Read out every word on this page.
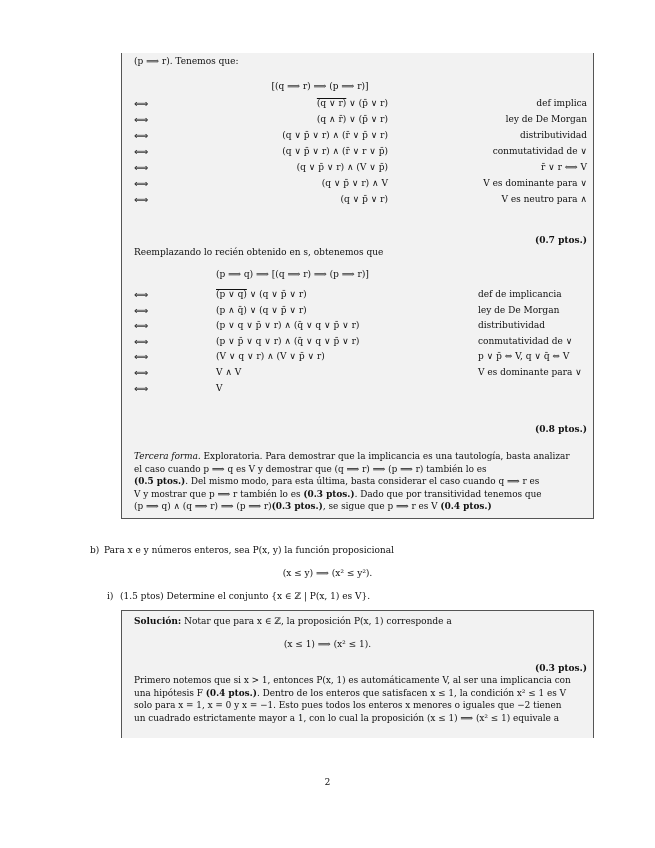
(p ⟹ r). Tenemos que:
[(q ⟹ r) ⟹ (p ⟹ r)]
⟺	(q ∨ r) ∨ (p̄ ∨ r)	def implica
⟺	(q ∧ r̄) ∨ (p̄ ∨ r)	ley de De Morgan
⟺	(q ∨ p̄ ∨ r) ∧ (r̄ ∨ p̄ ∨ r)	distributividad
⟺	(q ∨ p̄ ∨ r) ∧ (r̄ ∨ r ∨ p̄)	conmutatividad de ∨
⟺	(q ∨ p̄ ∨ r) ∧ (V ∨ p̄)	r̄ ∨ r ⟺ V
⟺	(q ∨ p̄ ∨ r) ∧ V	V es dominante para ∨
⟺	(q ∨ p̄ ∨ r)	V es neutro para ∧
(0.7 ptos.)
Reemplazando lo recién obtenido en s, obtenemos que
(p ⟹ q) ⟹ [(q ⟹ r) ⟹ (p ⟹ r)]
⟺	(p ∨ q) ∨ (q ∨ p̄ ∨ r)	def de implicancia
⟺	(p ∧ q̄) ∨ (q ∨ p̄ ∨ r)	ley de De Morgan
⟺	(p ∨ q ∨ p̄ ∨ r) ∧ (q̄ ∨ q ∨ p̄ ∨ r)	distributividad
⟺	(p ∨ p̄ ∨ q ∨ r) ∧ (q̄ ∨ q ∨ p̄ ∨ r)	conmutatividad de ∨
⟺	(V ∨ q ∨ r) ∧ (V ∨ p̄ ∨ r)	p ∨ p̄ ⇔ V, q ∨ q̄ ⇔ V
⟺	V ∧ V	V es dominante para ∨
⟺	V
(0.8 ptos.)
Tercera forma. Exploratoria. Para demostrar que la implicancia es una tautología, basta analizar
el caso cuando p ⟹ q es V y demostrar que (q ⟹ r) ⟹ (p ⟹ r) también lo es
(0.5 ptos.). Del mismo modo, para esta última, basta considerar el caso cuando q ⟹ r es
V y mostrar que p ⟹ r también lo es (0.3 ptos.). Dado que por transitividad tenemos que
(p ⟹ q) ∧ (q ⟹ r) ⟹ (p ⟹ r)(0.3 ptos.), se sigue que p ⟹ r es V (0.4 ptos.)
b) Para x e y números enteros, sea P(x, y) la función proposicional
(x ≤ y) ⟹ (x² ≤ y²).
i) (1.5 ptos) Determine el conjunto {x ∈ ℤ | P(x, 1) es V}.
Solución: Notar que para x ∈ ℤ, la proposición P(x, 1) corresponde a
(x ≤ 1) ⟹ (x² ≤ 1).
(0.3 ptos.)
Primero notemos que si x > 1, entonces P(x, 1) es automáticamente V, al ser una implicancia con
una hipótesis F (0.4 ptos.). Dentro de los enteros que satisfacen x ≤ 1, la condición x² ≤ 1 es V
solo para x = 1, x = 0 y x = −1. Esto pues todos los enteros x menores o iguales que −2 tienen
un cuadrado estrictamente mayor a 1, con lo cual la proposición (x ≤ 1) ⟹ (x² ≤ 1) equivale a
2
